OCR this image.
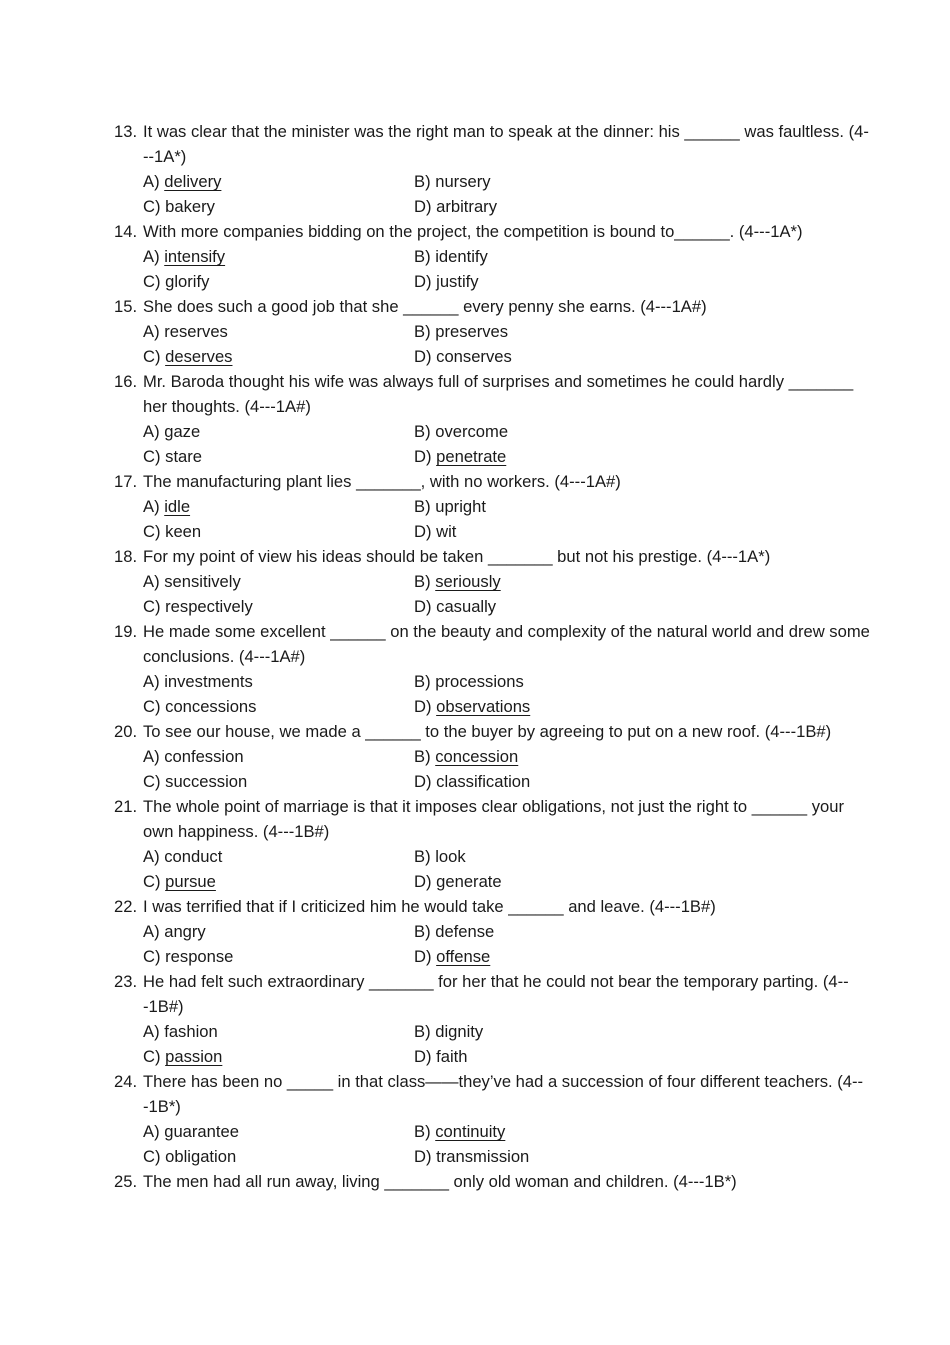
13. It was clear that the minister was the right man to speak at the dinner: his ______ was faultless. (4---1A*)
A) delivery	B) nursery
C) bakery	D) arbitrary
14. With more companies bidding on the project, the competition is bound to______. (4---1A*)
A) intensify	B) identify
C) glorify	D) justify
15. She does such a good job that she ______ every penny she earns. (4---1A#)
A) reserves	B) preserves
C) deserves	D) conserves
16. Mr. Baroda thought his wife was always full of surprises and sometimes he could hardly _______ her thoughts. (4---1A#)
A) gaze	B) overcome
C) stare	D) penetrate
17. The manufacturing plant lies _______, with no workers. (4---1A#)
A) idle	B) upright
C) keen	D) wit
18. For my point of view his ideas should be taken _______ but not his prestige. (4---1A*)
A) sensitively	B) seriously
C) respectively	D) casually
19. He made some excellent ______ on the beauty and complexity of the natural world and drew some conclusions. (4---1A#)
A) investments	B) processions
C) concessions	D) observations
20. To see our house, we made a ______ to the buyer by agreeing to put on a new roof. (4---1B#)
A) confession	B) concession
C) succession	D) classification
21. The whole point of marriage is that it imposes clear obligations, not just the right to ______ your own happiness. (4---1B#)
A) conduct	B) look
C) pursue	D) generate
22. I was terrified that if I criticized him he would take ______ and leave. (4---1B#)
A) angry	B) defense
C) response	D) offense
23. He had felt such extraordinary _______ for her that he could not bear the temporary parting. (4---1B#)
A) fashion	B) dignity
C) passion	D) faith
24. There has been no _____ in that class——they’ve had a succession of four different teachers. (4---1B*)
A) guarantee	B) continuity
C) obligation	D) transmission
25. The men had all run away, living _______ only old woman and children. (4---1B*)
